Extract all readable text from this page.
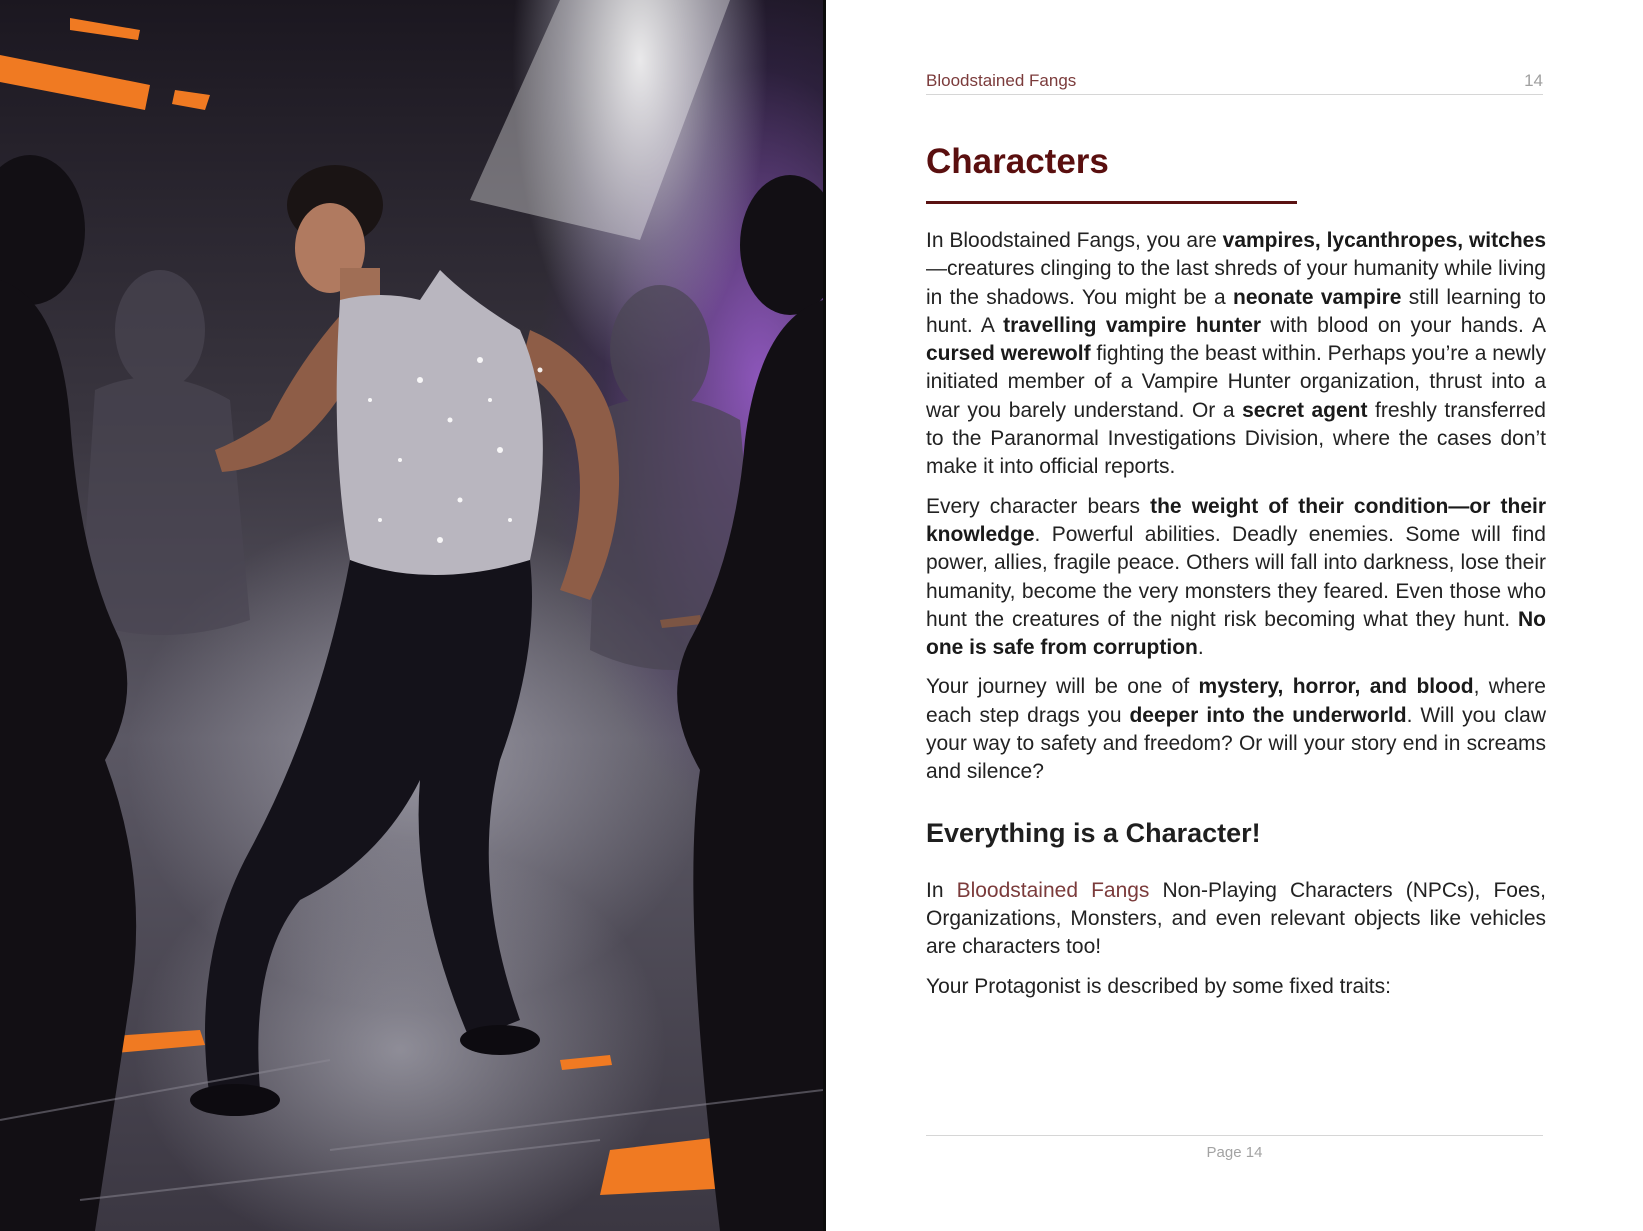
Bloodstained Fangs	14
Characters

In Bloodstained Fangs, you are vampires, lycanthropes, witches—creatures clinging to the last shreds of your humanity while living in the shadows. You might be a neonate vampire still learning to hunt. A travelling vampire hunter with blood on your hands. A cursed werewolf fighting the beast within. Perhaps you’re a newly initiated member of a Vampire Hunter organization, thrust into a war you barely understand. Or a secret agent freshly transferred to the Paranormal Investigations Division, where the cases don’t make it into official reports.

Every character bears the weight of their condition—or their knowledge. Powerful abilities. Deadly enemies. Some will find power, allies, fragile peace. Others will fall into darkness, lose their humanity, become the very monsters they feared. Even those who hunt the creatures of the night risk becoming what they hunt. No one is safe from corruption.

Your journey will be one of mystery, horror, and blood, where each step drags you deeper into the underworld. Will you claw your way to safety and freedom? Or will your story end in screams and silence?

Everything is a Character!

In Bloodstained Fangs Non-Playing Characters (NPCs), Foes, Organizations, Monsters, and even relevant objects like vehicles are characters too!

Your Protagonist is described by some fixed traits:

Page 14
